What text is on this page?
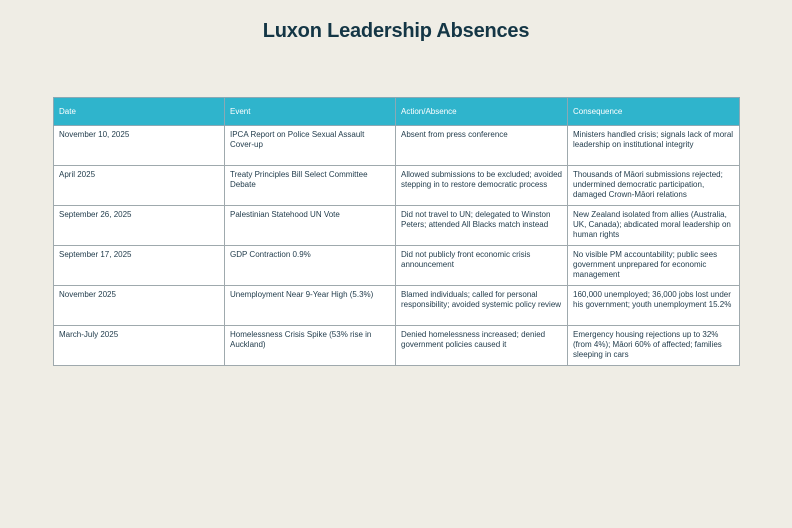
Luxon Leadership Absences
Date	Event	Action/Absence	Consequence
November 10, 2025	IPCA Report on Police Sexual Assault Cover-up	Absent from press conference	Ministers handled crisis; signals lack of moral leadership on institutional integrity
April 2025	Treaty Principles Bill Select Committee Debate	Allowed submissions to be excluded; avoided stepping in to restore democratic process	Thousands of Māori submissions rejected; undermined democratic participation, damaged Crown-Māori relations
September 26, 2025	Palestinian Statehood UN Vote	Did not travel to UN; delegated to Winston Peters; attended All Blacks match instead	New Zealand isolated from allies (Australia, UK, Canada); abdicated moral leadership on human rights
September 17, 2025	GDP Contraction 0.9%	Did not publicly front economic crisis announcement	No visible PM accountability; public sees government unprepared for economic management
November 2025	Unemployment Near 9-Year High (5.3%)	Blamed individuals; called for personal responsibility; avoided systemic policy review	160,000 unemployed; 36,000 jobs lost under his government; youth unemployment 15.2%
March-July 2025	Homelessness Crisis Spike (53% rise in Auckland)	Denied homelessness increased; denied government policies caused it	Emergency housing rejections up to 32% (from 4%); Māori 60% of affected; families sleeping in cars
